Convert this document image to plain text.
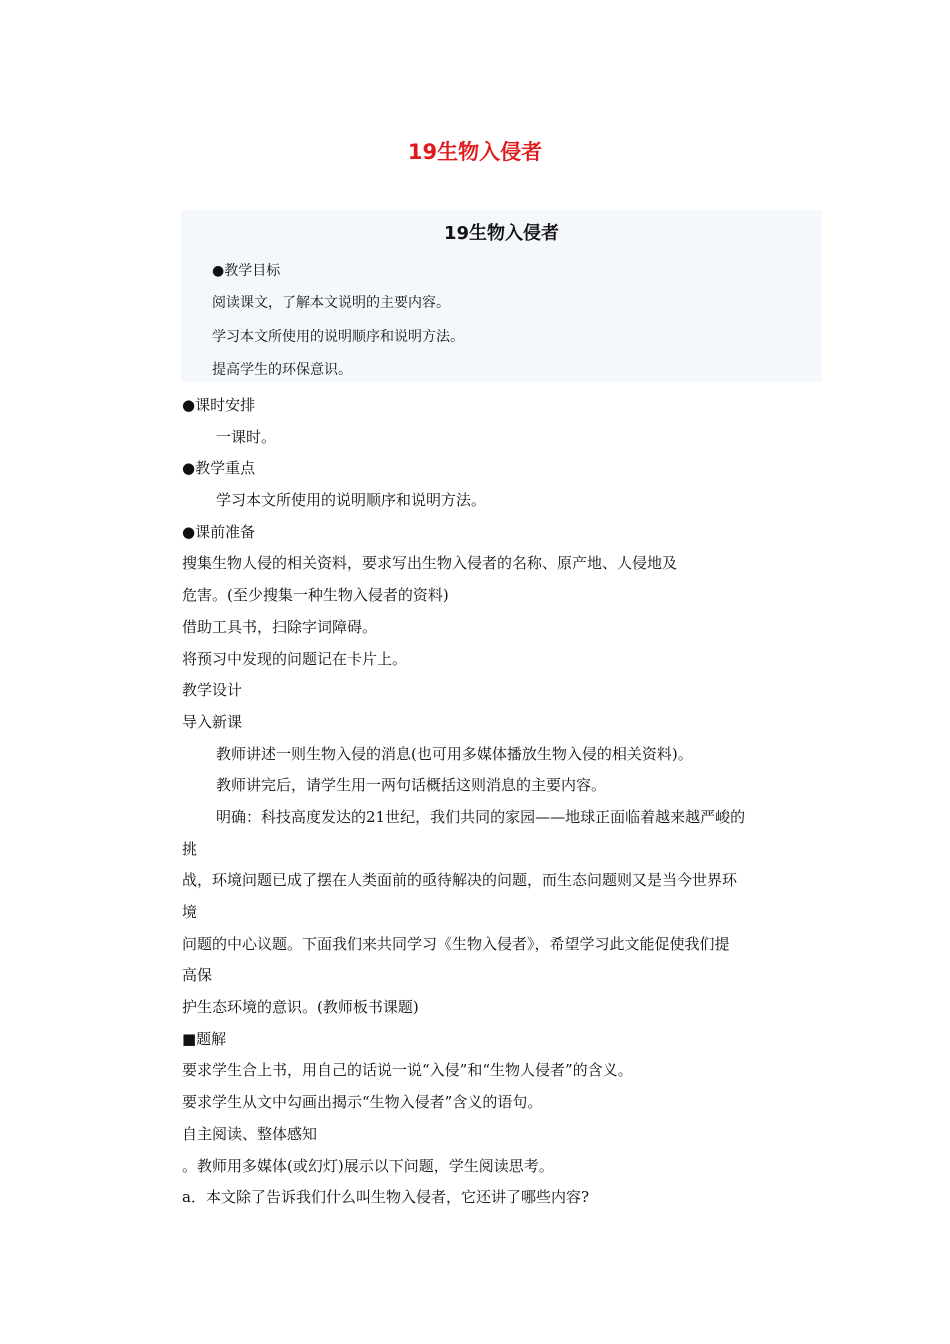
19生物入侵者
19生物入侵者
●教学目标
阅读课文，了解本文说明的主要内容。
学习本文所使用的说明顺序和说明方法。
提高学生的环保意识。
●课时安排
一课时。
●教学重点
学习本文所使用的说明顺序和说明方法。
●课前准备
搜集生物人侵的相关资料，要求写出生物入侵者的名称、原产地、人侵地及
危害。(至少搜集一种生物入侵者的资料)
借助工具书，扫除字词障碍。
将预习中发现的问题记在卡片上。
教学设计
导入新课
教师讲述一则生物入侵的消息(也可用多媒体播放生物入侵的相关资料)。
教师讲完后，请学生用一两句话概括这则消息的主要内容。
明确：科技高度发达的21世纪，我们共同的家园——地球正面临着越来越严峻的
挑
战，环境问题已成了摆在人类面前的亟待解决的问题，而生态问题则又是当今世界环
境
问题的中心议题。下面我们来共同学习《生物入侵者》，希望学习此文能促使我们提
高保
护生态环境的意识。(教师板书课题)
■题解
要求学生合上书，用自己的话说一说“入侵”和“生物人侵者”的含义。
要求学生从文中勾画出揭示“生物入侵者”含义的语句。
自主阅读、整体感知
。教师用多媒体(或幻灯)展示以下问题，学生阅读思考。
a．本文除了告诉我们什么叫生物入侵者，它还讲了哪些内容?
